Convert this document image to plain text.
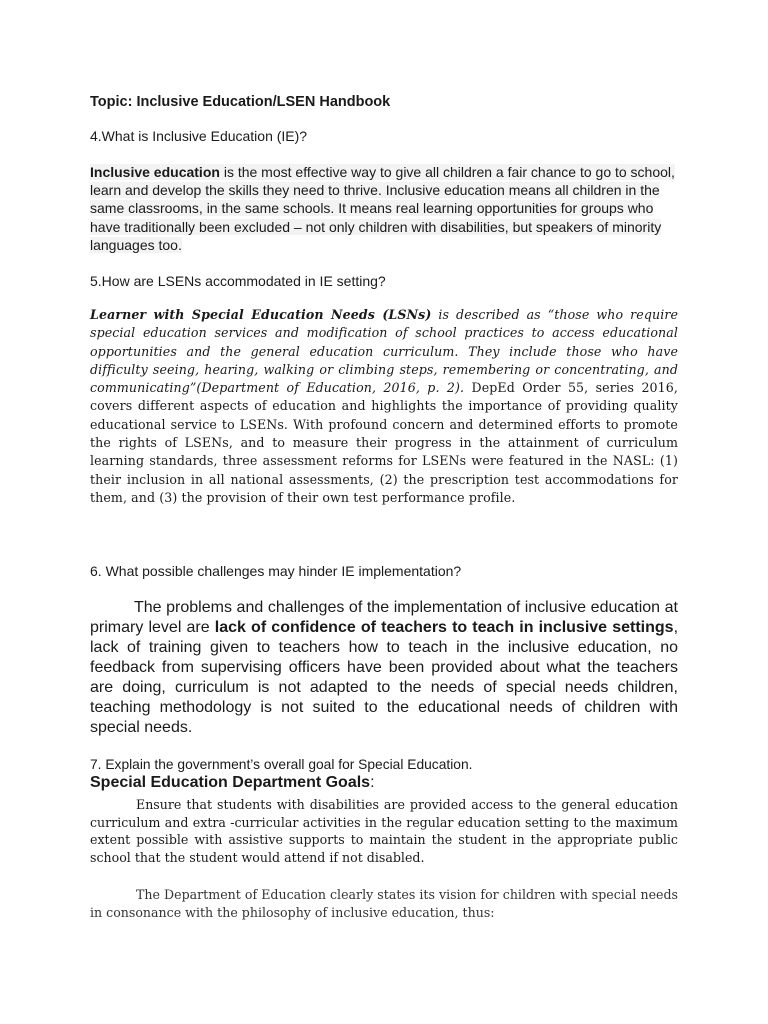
Topic: Inclusive Education/LSEN Handbook
4.What is Inclusive Education (IE)?
Inclusive education is the most effective way to give all children a fair chance to go to school, learn and develop the skills they need to thrive. Inclusive education means all children in the same classrooms, in the same schools. It means real learning opportunities for groups who have traditionally been excluded – not only children with disabilities, but speakers of minority languages too.
5.How are LSENs accommodated in IE setting?
Learner with Special Education Needs (LSNs) is described as “those who require special education services and modification of school practices to access educational opportunities and the general education curriculum. They include those who have difficulty seeing, hearing, walking or climbing steps, remembering or concentrating, and communicating”(Department of Education, 2016, p. 2). DepEd Order 55, series 2016, covers different aspects of education and highlights the importance of providing quality educational service to LSENs. With profound concern and determined efforts to promote the rights of LSENs, and to measure their progress in the attainment of curriculum learning standards, three assessment reforms for LSENs were featured in the NASL: (1) their inclusion in all national assessments, (2) the prescription test accommodations for them, and (3) the provision of their own test performance profile.
6. What possible challenges may hinder IE implementation?
The problems and challenges of the implementation of inclusive education at primary level are lack of confidence of teachers to teach in inclusive settings, lack of training given to teachers how to teach in the inclusive education, no feedback from supervising officers have been provided about what the teachers are doing, curriculum is not adapted to the needs of special needs children, teaching methodology is not suited to the educational needs of children with special needs.
7. Explain the government’s overall goal for Special Education.
Special Education Department Goals:
Ensure that students with disabilities are provided access to the general education curriculum and extra -curricular activities in the regular education setting to the maximum extent possible with assistive supports to maintain the student in the appropriate public school that the student would attend if not disabled.
The Department of Education clearly states its vision for children with special needs in consonance with the philosophy of inclusive education, thus:
